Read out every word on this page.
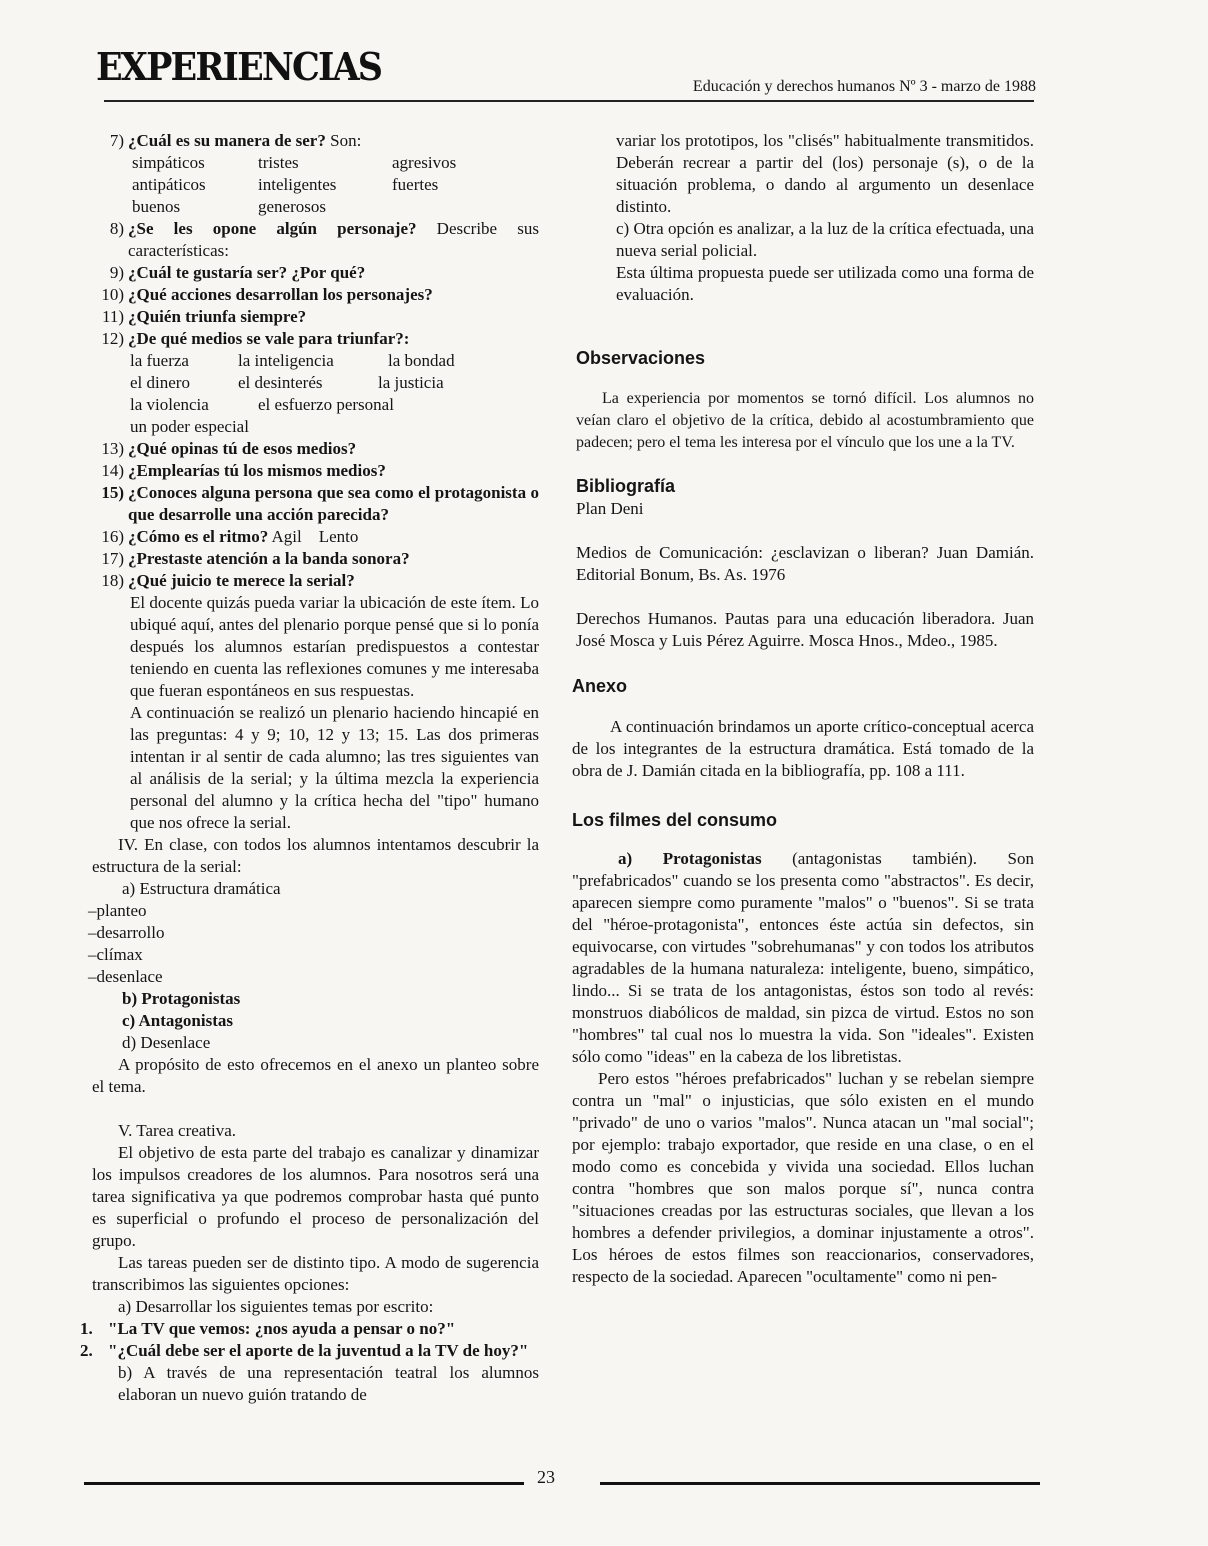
EXPERIENCIAS	Educación y derechos humanos Nº 3 - marzo de 1988

7) ¿Cuál es su manera de ser? Son:

simpáticos	tristes	agresivos
antipáticos	inteligentes	fuertes
buenos	generosos

8) ¿Se les opone algún personaje? Describe sus características:

9) ¿Cuál te gustaría ser? ¿Por qué?

10) ¿Qué acciones desarrollan los personajes?

11) ¿Quién triunfa siempre?

12) ¿De qué medios se vale para triunfar?:

la fuerza	la inteligencia	la bondad
el dinero	el desinterés	la justicia
la violencia	el esfuerzo personal
un poder especial

13) ¿Qué opinas tú de esos medios?

14) ¿Emplearías tú los mismos medios?

15) ¿Conoces alguna persona que sea como el protagonista o que desarrolle una acción parecida?

16) ¿Cómo es el ritmo? Agil    Lento

17) ¿Prestaste atención a la banda sonora?

18) ¿Qué juicio te merece la serial?

El docente quizás pueda variar la ubicación de este ítem. Lo ubiqué aquí, antes del plenario porque pensé que si lo ponía después los alumnos estarían predispuestos a contestar teniendo en cuenta las reflexiones comunes y me interesaba que fueran espontáneos en sus respuestas.

A continuación se realizó un plenario haciendo hincapié en las preguntas: 4 y 9; 10, 12 y 13; 15. Las dos primeras intentan ir al sentir de cada alumno; las tres siguientes van al análisis de la serial; y la última mezcla la experiencia personal del alumno y la crítica hecha del "tipo" humano que nos ofrece la serial.

IV. En clase, con todos los alumnos intentamos descubrir la estructura de la serial:

a) Estructura dramática

–planteo

–desarrollo

–clímax

–desenlace

b) Protagonistas

c) Antagonistas

d) Desenlace

A propósito de esto ofrecemos en el anexo un planteo sobre el tema.

V. Tarea creativa.

El objetivo de esta parte del trabajo es canalizar y dinamizar los impulsos creadores de los alumnos. Para nosotros será una tarea significativa ya que podremos comprobar hasta qué punto es superficial o profundo el proceso de personalización del grupo.

Las tareas pueden ser de distinto tipo. A modo de sugerencia transcribimos las siguientes opciones:

a) Desarrollar los siguientes temas por escrito:

1. "La TV que vemos: ¿nos ayuda a pensar o no?"

2. "¿Cuál debe ser el aporte de la juventud a la TV de hoy?"

b) A través de una representación teatral los alumnos elaboran un nuevo guión tratando de

variar los prototipos, los "clisés" habitualmente transmitidos. Deberán recrear a partir del (los) personaje (s), o de la situación problema, o dando al argumento un desenlace distinto.

c) Otra opción es analizar, a la luz de la crítica efectuada, una nueva serial policial.

Esta última propuesta puede ser utilizada como una forma de evaluación.

Observaciones

La experiencia por momentos se tornó difícil. Los alumnos no veían claro el objetivo de la crítica, debido al acostumbramiento que padecen; pero el tema les interesa por el vínculo que los une a la TV.

Bibliografía

Plan Deni

Medios de Comunicación: ¿esclavizan o liberan? Juan Damián. Editorial Bonum, Bs. As. 1976

Derechos Humanos. Pautas para una educación liberadora. Juan José Mosca y Luis Pérez Aguirre. Mosca Hnos., Mdeo., 1985.

Anexo

A continuación brindamos un aporte crítico-conceptual acerca de los integrantes de la estructura dramática. Está tomado de la obra de J. Damián citada en la bibliografía, pp. 108 a 111.

Los filmes del consumo

a) Protagonistas (antagonistas también). Son "prefabricados" cuando se los presenta como "abstractos". Es decir, aparecen siempre como puramente "malos" o "buenos". Si se trata del "héroe-protagonista", entonces éste actúa sin defectos, sin equivocarse, con virtudes "sobrehumanas" y con todos los atributos agradables de la humana naturaleza: inteligente, bueno, simpático, lindo... Si se trata de los antagonistas, éstos son todo al revés: monstruos diabólicos de maldad, sin pizca de virtud. Estos no son "hombres" tal cual nos lo muestra la vida. Son "ideales". Existen sólo como "ideas" en la cabeza de los libretistas.

Pero estos "héroes prefabricados" luchan y se rebelan siempre contra un "mal" o injusticias, que sólo existen en el mundo "privado" de uno o varios "malos". Nunca atacan un "mal social"; por ejemplo: trabajo exportador, que reside en una clase, o en el modo como es concebida y vivida una sociedad. Ellos luchan contra "hombres que son malos porque sí", nunca contra "situaciones creadas por las estructuras sociales, que llevan a los hombres a defender privilegios, a dominar injustamente a otros". Los héroes de estos filmes son reaccionarios, conservadores, respecto de la sociedad. Aparecen "ocultamente" como ni pen-

23
